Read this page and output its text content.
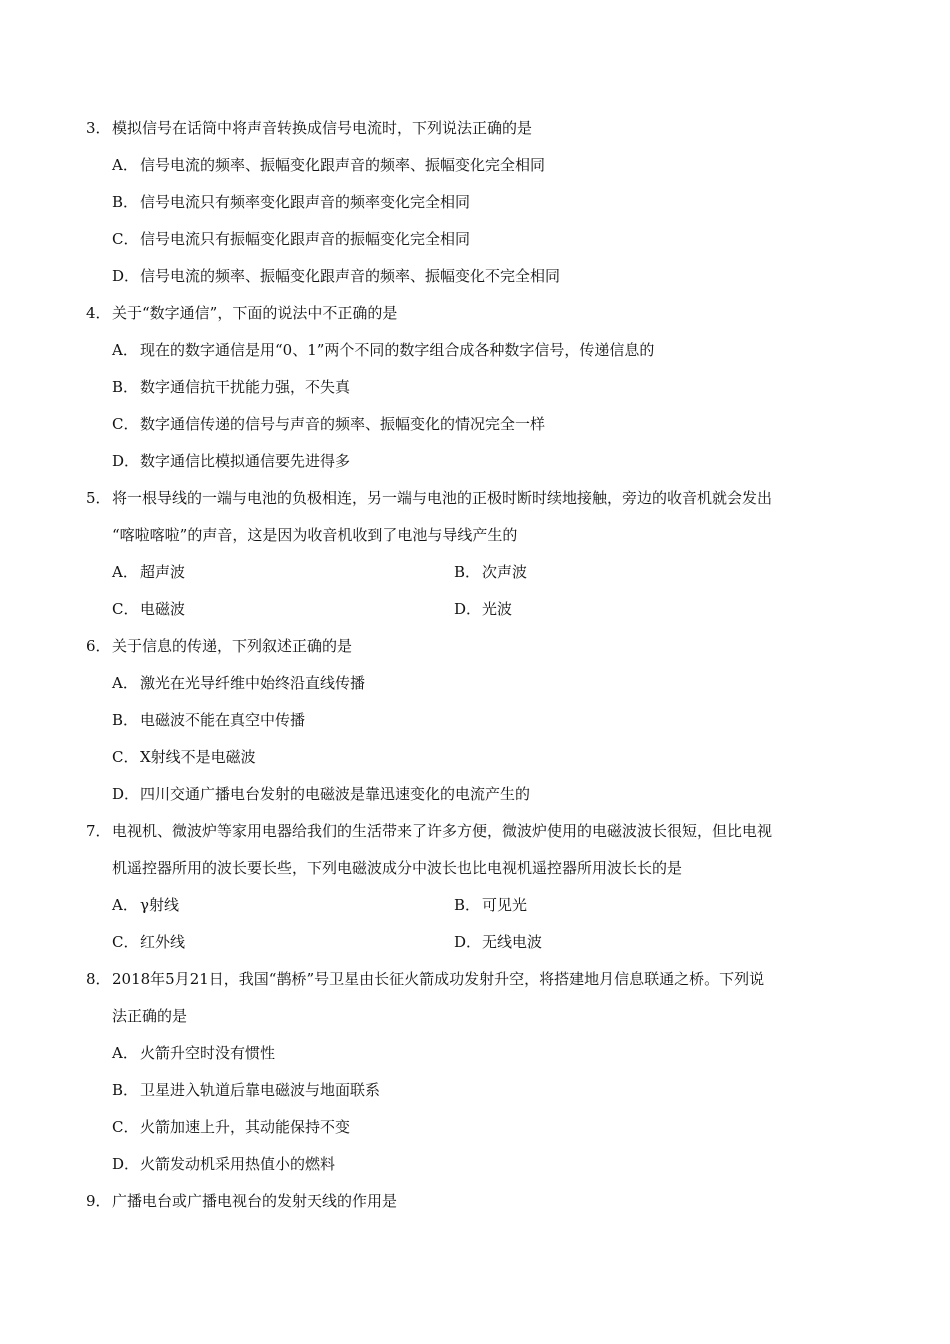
3．模拟信号在话筒中将声音转换成信号电流时，下列说法正确的是
A． 信号电流的频率、振幅变化跟声音的频率、振幅变化完全相同
B． 信号电流只有频率变化跟声音的频率变化完全相同
C． 信号电流只有振幅变化跟声音的振幅变化完全相同
D．信号电流的频率、振幅变化跟声音的频率、振幅变化不完全相同
4．关于“数字通信”，下面的说法中不正确的是
A． 现在的数字通信是用“0、1”两个不同的数字组合成各种数字信号，传递信息的
B． 数字通信抗干扰能力强，不失真
C． 数字通信传递的信号与声音的频率、振幅变化的情况完全一样
D．数字通信比模拟通信要先进得多
5．将一根导线的一端与电池的负极相连，另一端与电池的正极时断时续地接触，旁边的收音机就会发出
“喀啦喀啦”的声音，这是因为收音机收到了电池与导线产生的
A． 超声波	B． 次声波
C． 电磁波	D．光波
6．关于信息的传递，下列叙述正确的是
A． 激光在光导纤维中始终沿直线传播
B． 电磁波不能在真空中传播
C． X射线不是电磁波
D．四川交通广播电台发射的电磁波是靠迅速变化的电流产生的
7．电视机、微波炉等家用电器给我们的生活带来了许多方便，微波炉使用的电磁波波长很短，但比电视
机遥控器所用的波长要长些，下列电磁波成分中波长也比电视机遥控器所用波长长的是
A． γ射线	B． 可见光
C． 红外线	D．无线电波
8．2018年5月21日，我国“鹊桥”号卫星由长征火箭成功发射升空，将搭建地月信息联通之桥。下列说
法正确的是
A． 火箭升空时没有惯性
B． 卫星进入轨道后靠电磁波与地面联系
C． 火箭加速上升，其动能保持不变
D．火箭发动机采用热值小的燃料
9．广播电台或广播电视台的发射天线的作用是
